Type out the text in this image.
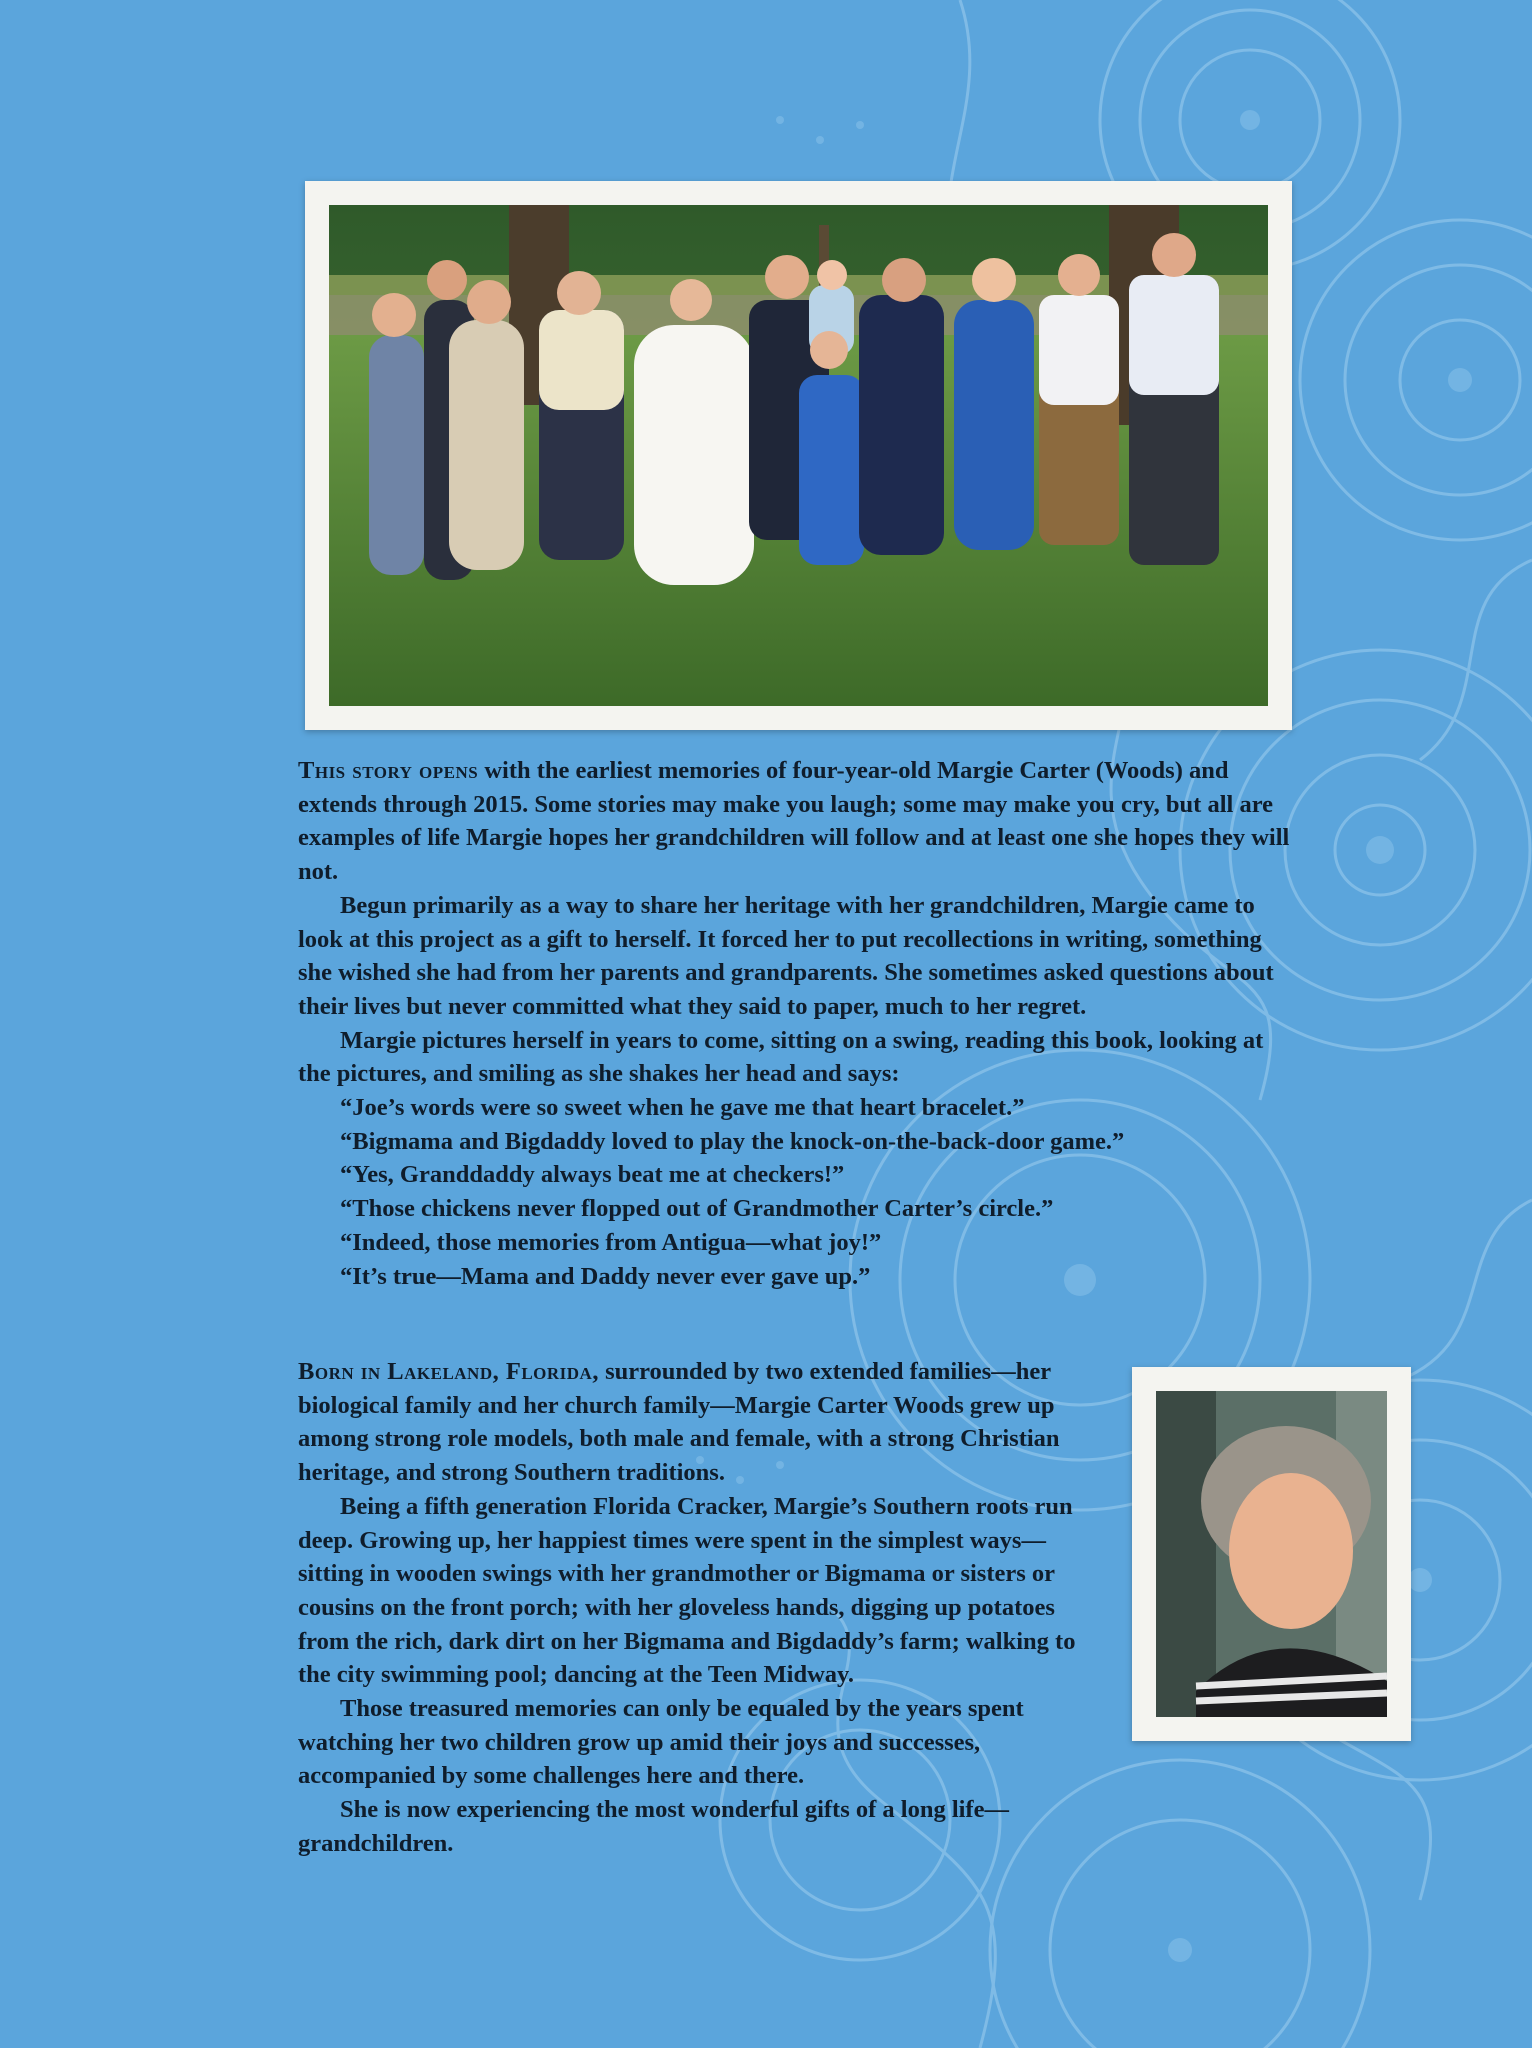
This story opens with the earliest memories of four-year-old Margie Carter (Woods) and extends through 2015. Some stories may make you laugh; some may make you cry, but all are examples of life Margie hopes her grandchildren will follow and at least one she hopes they will not.

Begun primarily as a way to share her heritage with her grandchildren, Margie came to look at this project as a gift to herself. It forced her to put recollections in writing, something she wished she had from her parents and grandparents. She sometimes asked questions about their lives but never committed what they said to paper, much to her regret.

Margie pictures herself in years to come, sitting on a swing, reading this book, looking at the pictures, and smiling as she shakes her head and says:

“Joe’s words were so sweet when he gave me that heart bracelet.”

“Bigmama and Bigdaddy loved to play the knock-on-the-back-door game.”

“Yes, Granddaddy always beat me at checkers!”

“Those chickens never flopped out of Grandmother Carter’s circle.”

“Indeed, those memories from Antigua—what joy!”

“It’s true—Mama and Daddy never ever gave up.”

Born in Lakeland, Florida, surrounded by two extended families—her biological family and her church family—Margie Carter Woods grew up among strong role models, both male and female, with a strong Christian heritage, and strong Southern traditions.

Being a fifth generation Florida Cracker, Margie’s Southern roots run deep. Growing up, her happiest times were spent in the simplest ways—sitting in wooden swings with her grandmother or Bigmama or sisters or cousins on the front porch; with her gloveless hands, digging up potatoes from the rich, dark dirt on her Bigmama and Bigdaddy’s farm; walking to the city swimming pool; dancing at the Teen Midway.

Those treasured memories can only be equaled by the years spent watching her two children grow up amid their joys and successes, accompanied by some challenges here and there.

She is now experiencing the most wonderful gifts of a long life—grandchildren.
